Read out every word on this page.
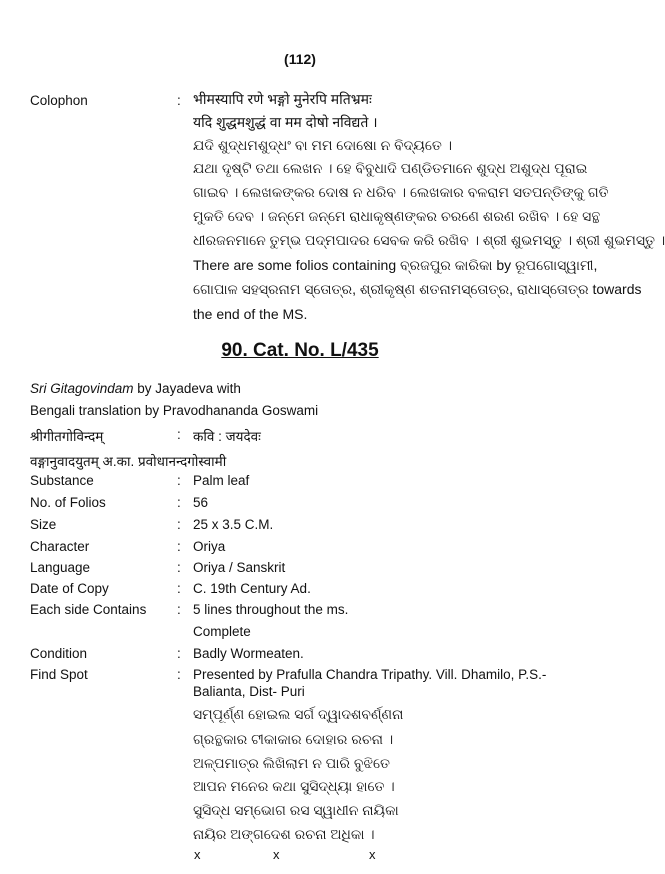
(112)
Colophon	: भीमस्यापि रणे भङ्गो मुनेरपि मतिभ्रमः
यदि शुद्धमशुद्धं वा मम दोषो नविद्यते ।
ଯଦି ଶୁଦ୍ଧମଶୁଦ୍ଧଂ ବା ମମ ଦୋଷୋ ନ ବିଦ୍ୟତେ ।
ଯଥା ଦୃଷ୍ଟି ତଥା ଲେଖନ । ହେ ବିବୁଧାଦି ପଣ୍ଡିତମାନେ ଶୁଦ୍ଧ ଅଶୁଦ୍ଧ ପୂରାଇ
ଗାଇବ । ଲେଖକଙ୍କର ଦୋଷ ନ ଧରିବ । ଲେଖକାର ବଳରାମ ସତପନ୍ତିଙ୍କୁ ଗତି
ମୁକତି ଦେବ । ଜନ୍ମେ ଜନ୍ମେ ରାଧାକୃଷ୍ଣଙ୍କର ଚରଣେ ଶରଣ ରଖିବ । ହେ ସନ୍ଥ
ଧୀରଜନମାନେ ତୁମ୍ଭ ପଦ୍ମପାଦର ସେବକ କରି ରଖିବ । ଶ୍ରୀ ଶୁଭମସ୍ତୁ । ଶ୍ରୀ ଶୁଭମସ୍ତୁ ।
There are some folios containing ବ୍ରଜପୁର କାରିକା by ରୂପଗୋସ୍ୱାମୀ,
ଗୋପାଳ ସହସ୍ରନାମ ସ୍ତୋତ୍ର, ଶ୍ରୀକୃଷ୍ଣ ଶତନାମସ୍ତୋତ୍ର, ରାଧାସ୍ତୋତ୍ର towards
the end of the MS.
90. Cat. No. L/435
Sri Gitagovindam by Jayadeva with
Bengali translation by Pravodhananda Goswami
श्रीगीतगोविन्दम्	: कवि : जयदेवः
वङ्गानुवादयुतम् अ.का. प्रवोधानन्दगोस्वामी
Substance	: Palm leaf
No. of Folios	: 56
Size	: 25 x 3.5 C.M.
Character	: Oriya
Language	: Oriya / Sanskrit
Date of Copy	: C. 19th Century Ad.
Each side Contains : 5 lines throughout the ms.
Complete
Condition	: Badly Wormeaten.
Find Spot	: Presented by Prafulla Chandra Tripathy. Vill. Dhamilo, P.S.-
Balianta, Dist- Puri
ସମ୍ପୂର୍ଣ୍ଣ ହୋଇଲ ସର୍ଗ ଦ୍ୱାଦଶବର୍ଣ୍ଣନା
ଗ୍ରନ୍ଥକାର ଟୀକାକାର ଦୋହାର ରଚନା ।
ଅଳ୍ପମାତ୍ର ଲିଖିଲାମ ନ ପାରି ବୁଝିତେ
ଆପନ ମନେର କଥା ସୁସିଦ୍ଧ୍ୟା ହାତେ ।
ସୁସିଦ୍ଧ ସମ୍ଭୋଗ ରସ ସ୍ୱାଧୀନ ନାୟିକା
ନାୟିର ଅଙ୍ଗଦେଶ ରଚନା ଅଧିକା ।
x	x	x
